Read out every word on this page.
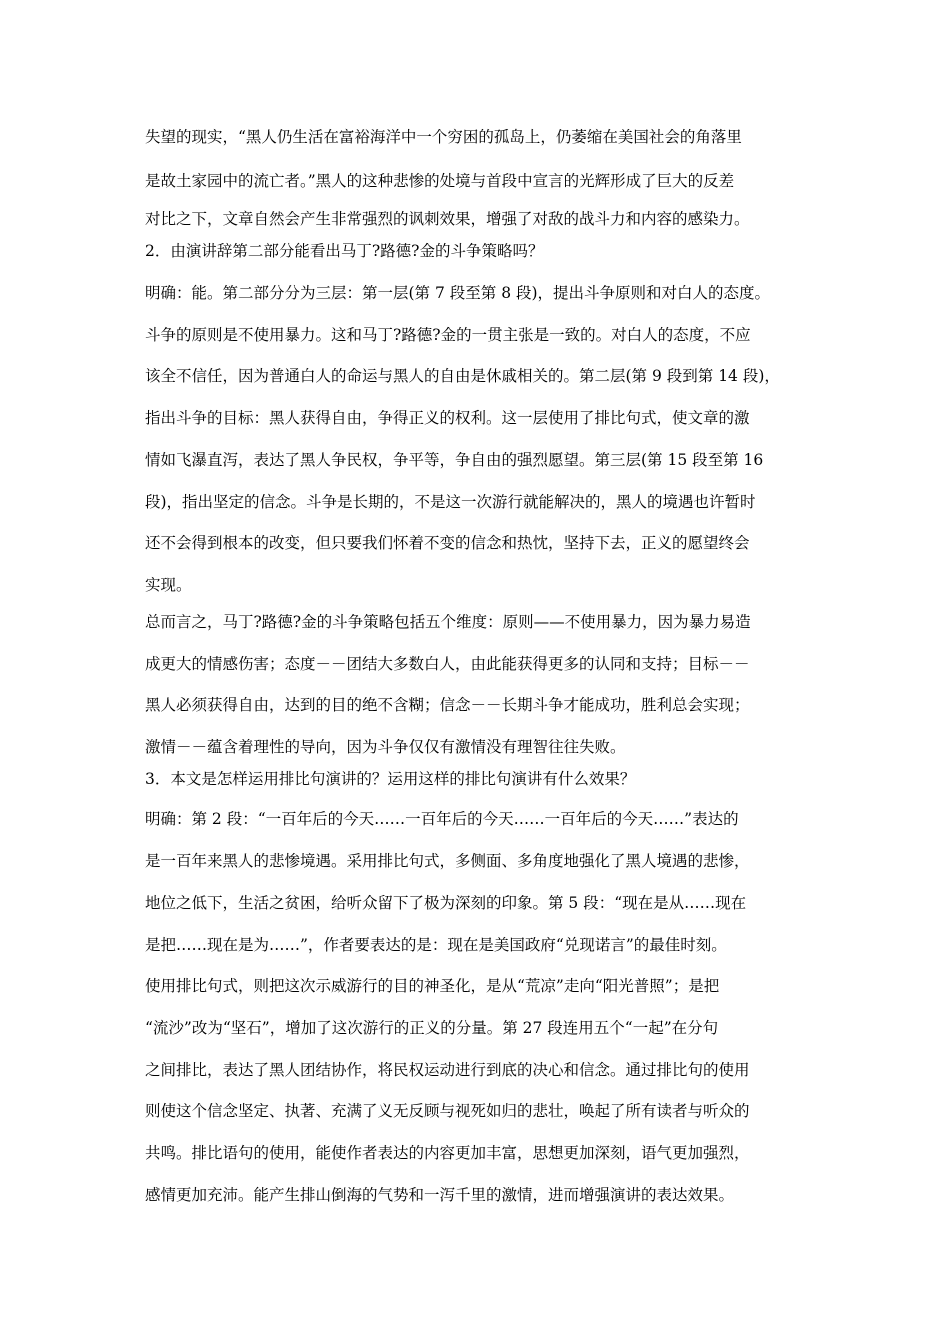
失望的现实，“黑人仍生活在富裕海洋中一个穷困的孤岛上，仍萎缩在美国社会的角落里
是故土家园中的流亡者。”黑人的这种悲惨的处境与首段中宣言的光辉形成了巨大的反差
对比之下，文章自然会产生非常强烈的讽刺效果，增强了对敌的战斗力和内容的感染力。
2．由演讲辞第二部分能看出马丁?路德?金的斗争策略吗？
明确：能。第二部分分为三层：第一层(第 7 段至第 8 段)，提出斗争原则和对白人的态度。
斗争的原则是不使用暴力。这和马丁?路德?金的一贯主张是一致的。对白人的态度，不应
该全不信任，因为普通白人的命运与黑人的自由是休戚相关的。第二层(第 9 段到第 14 段)，
指出斗争的目标：黑人获得自由，争得正义的权利。这一层使用了排比句式，使文章的激
情如飞瀑直泻，表达了黑人争民权，争平等，争自由的强烈愿望。第三层(第 15 段至第 16
段)，指出坚定的信念。斗争是长期的，不是这一次游行就能解决的，黑人的境遇也许暂时
还不会得到根本的改变，但只要我们怀着不变的信念和热忱，坚持下去，正义的愿望终会
实现。
总而言之，马丁?路德?金的斗争策略包括五个维度：原则——不使用暴力，因为暴力易造
成更大的情感伤害；态度－－团结大多数白人，由此能获得更多的认同和支持；目标－－
黑人必须获得自由，达到的目的绝不含糊；信念－－长期斗争才能成功，胜利总会实现；
激情－－蕴含着理性的导向，因为斗争仅仅有激情没有理智往往失败。
3．本文是怎样运用排比句演讲的？运用这样的排比句演讲有什么效果？
明确：第 2 段：“一百年后的今天……一百年后的今天……一百年后的今天……”表达的
是一百年来黑人的悲惨境遇。采用排比句式，多侧面、多角度地强化了黑人境遇的悲惨，
地位之低下，生活之贫困，给听众留下了极为深刻的印象。第 5 段：“现在是从……现在
是把……现在是为……”，作者要表达的是：现在是美国政府“兑现诺言”的最佳时刻。
使用排比句式，则把这次示威游行的目的神圣化，是从“荒凉”走向“阳光普照”；是把
“流沙”改为“坚石”，增加了这次游行的正义的分量。第 27 段连用五个“一起”在分句
之间排比，表达了黑人团结协作，将民权运动进行到底的决心和信念。通过排比句的使用
则使这个信念坚定、执著、充满了义无反顾与视死如归的悲壮，唤起了所有读者与听众的
共鸣。排比语句的使用，能使作者表达的内容更加丰富，思想更加深刻，语气更加强烈，
感情更加充沛。能产生排山倒海的气势和一泻千里的激情，进而增强演讲的表达效果。
